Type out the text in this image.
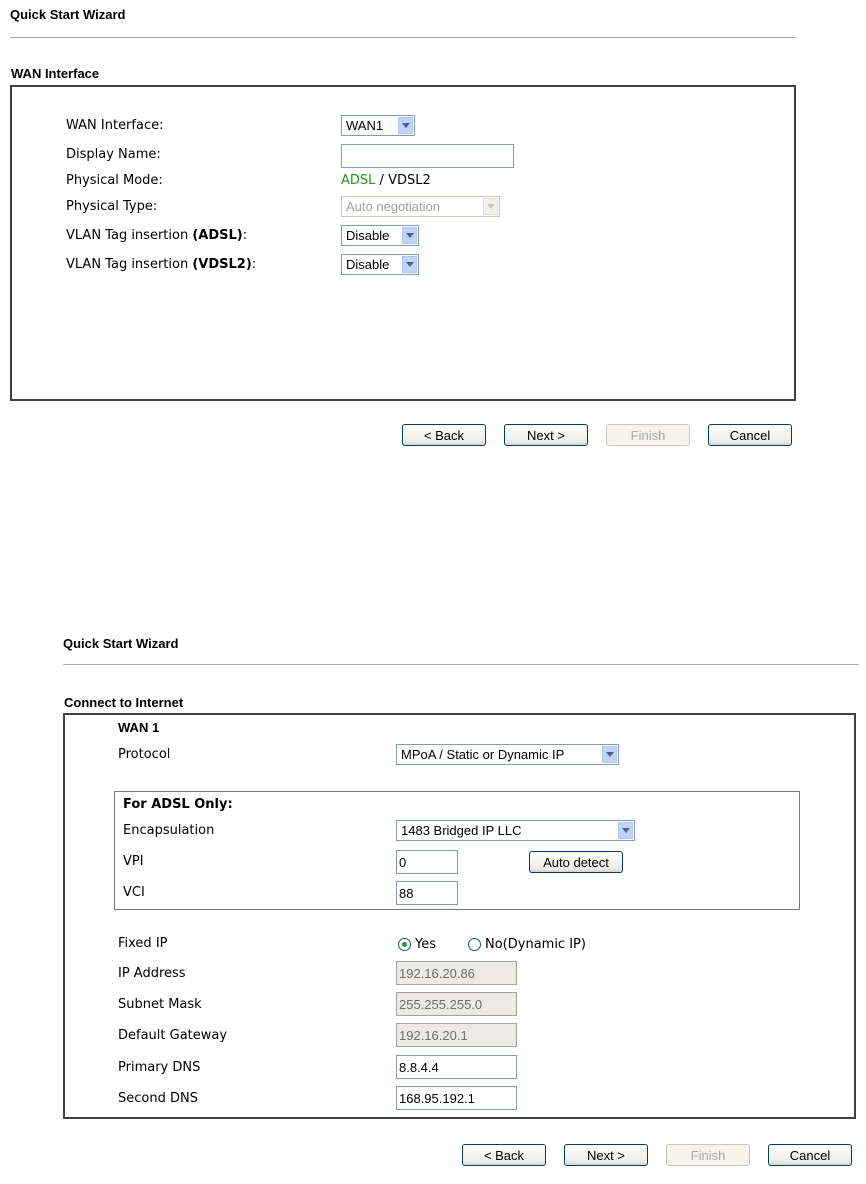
Quick Start Wizard
WAN Interface
WAN Interface:	WAN1
Display Name:
Physical Mode:	ADSL / VDSL2
Physical Type:	Auto negotiation
VLAN Tag insertion (ADSL):	Disable
VLAN Tag insertion (VDSL2):	Disable
< Back	Next >	Finish	Cancel
Quick Start Wizard
Connect to Internet
WAN 1
Protocol	MPoA / Static or Dynamic IP
For ADSL Only:
Encapsulation	1483 Bridged IP LLC
VPI	0	Auto detect
VCI	88
Fixed IP	Yes	No(Dynamic IP)
IP Address	192.16.20.86
Subnet Mask	255.255.255.0
Default Gateway	192.16.20.1
Primary DNS	8.8.4.4
Second DNS	168.95.192.1
< Back	Next >	Finish	Cancel
